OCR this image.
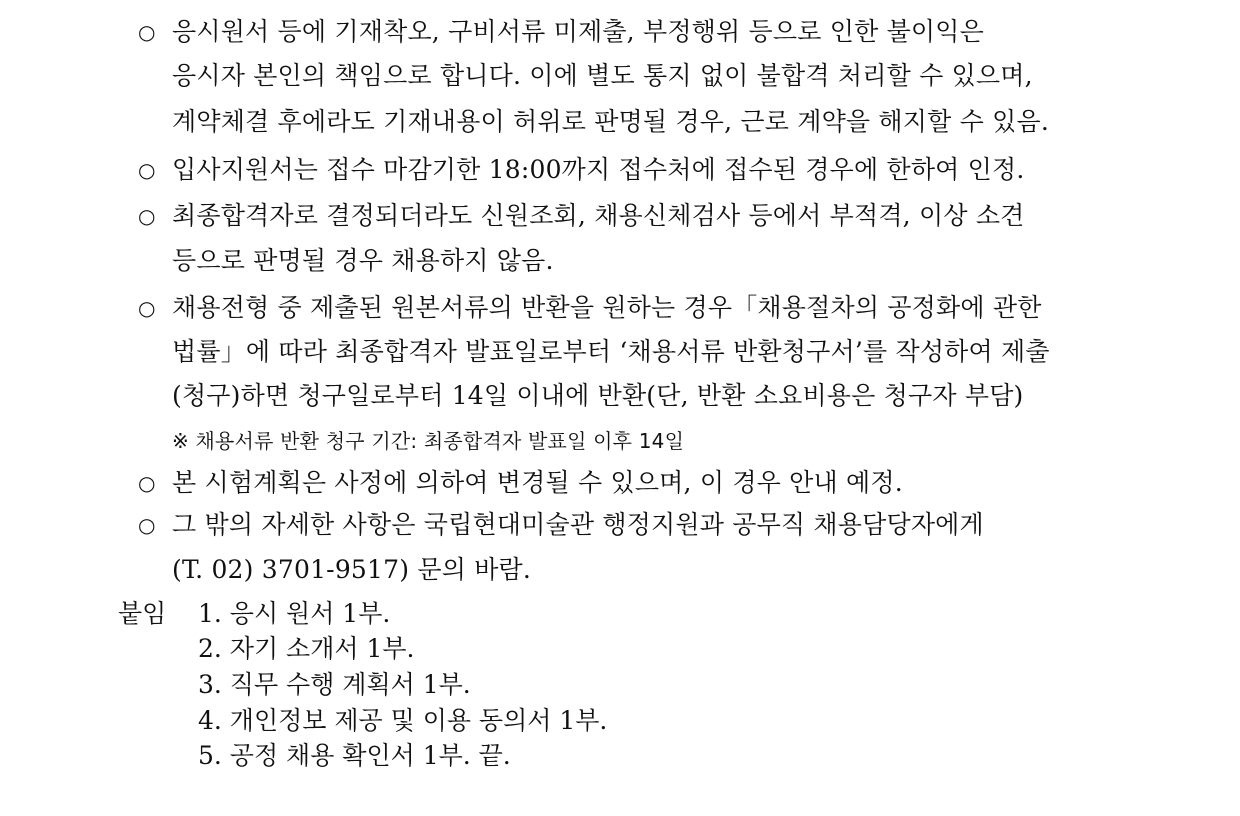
○ 응시원서 등에 기재착오, 구비서류 미제출, 부정행위 등으로 인한 불이익은
응시자 본인의 책임으로 합니다. 이에 별도 통지 없이 불합격 처리할 수 있으며,
계약체결 후에라도 기재내용이 허위로 판명될 경우, 근로 계약을 해지할 수 있음.
○ 입사지원서는 접수 마감기한 18:00까지 접수처에 접수된 경우에 한하여 인정.
○ 최종합격자로 결정되더라도 신원조회, 채용신체검사 등에서 부적격, 이상 소견
등으로 판명될 경우 채용하지 않음.
○ 채용전형 중 제출된 원본서류의 반환을 원하는 경우「채용절차의 공정화에 관한
법률」에 따라 최종합격자 발표일로부터 ‘채용서류 반환청구서’를 작성하여 제출
(청구)하면 청구일로부터 14일 이내에 반환(단, 반환 소요비용은 청구자 부담)
※ 채용서류 반환 청구 기간: 최종합격자 발표일 이후 14일
○ 본 시험계획은 사정에 의하여 변경될 수 있으며, 이 경우 안내 예정.
○ 그 밖의 자세한 사항은 국립현대미술관 행정지원과 공무직 채용담당자에게
(T. 02) 3701-9517) 문의 바람.
붙임 1. 응시 원서 1부.
2. 자기 소개서 1부.
3. 직무 수행 계획서 1부.
4. 개인정보 제공 및 이용 동의서 1부.
5. 공정 채용 확인서 1부. 끝.
